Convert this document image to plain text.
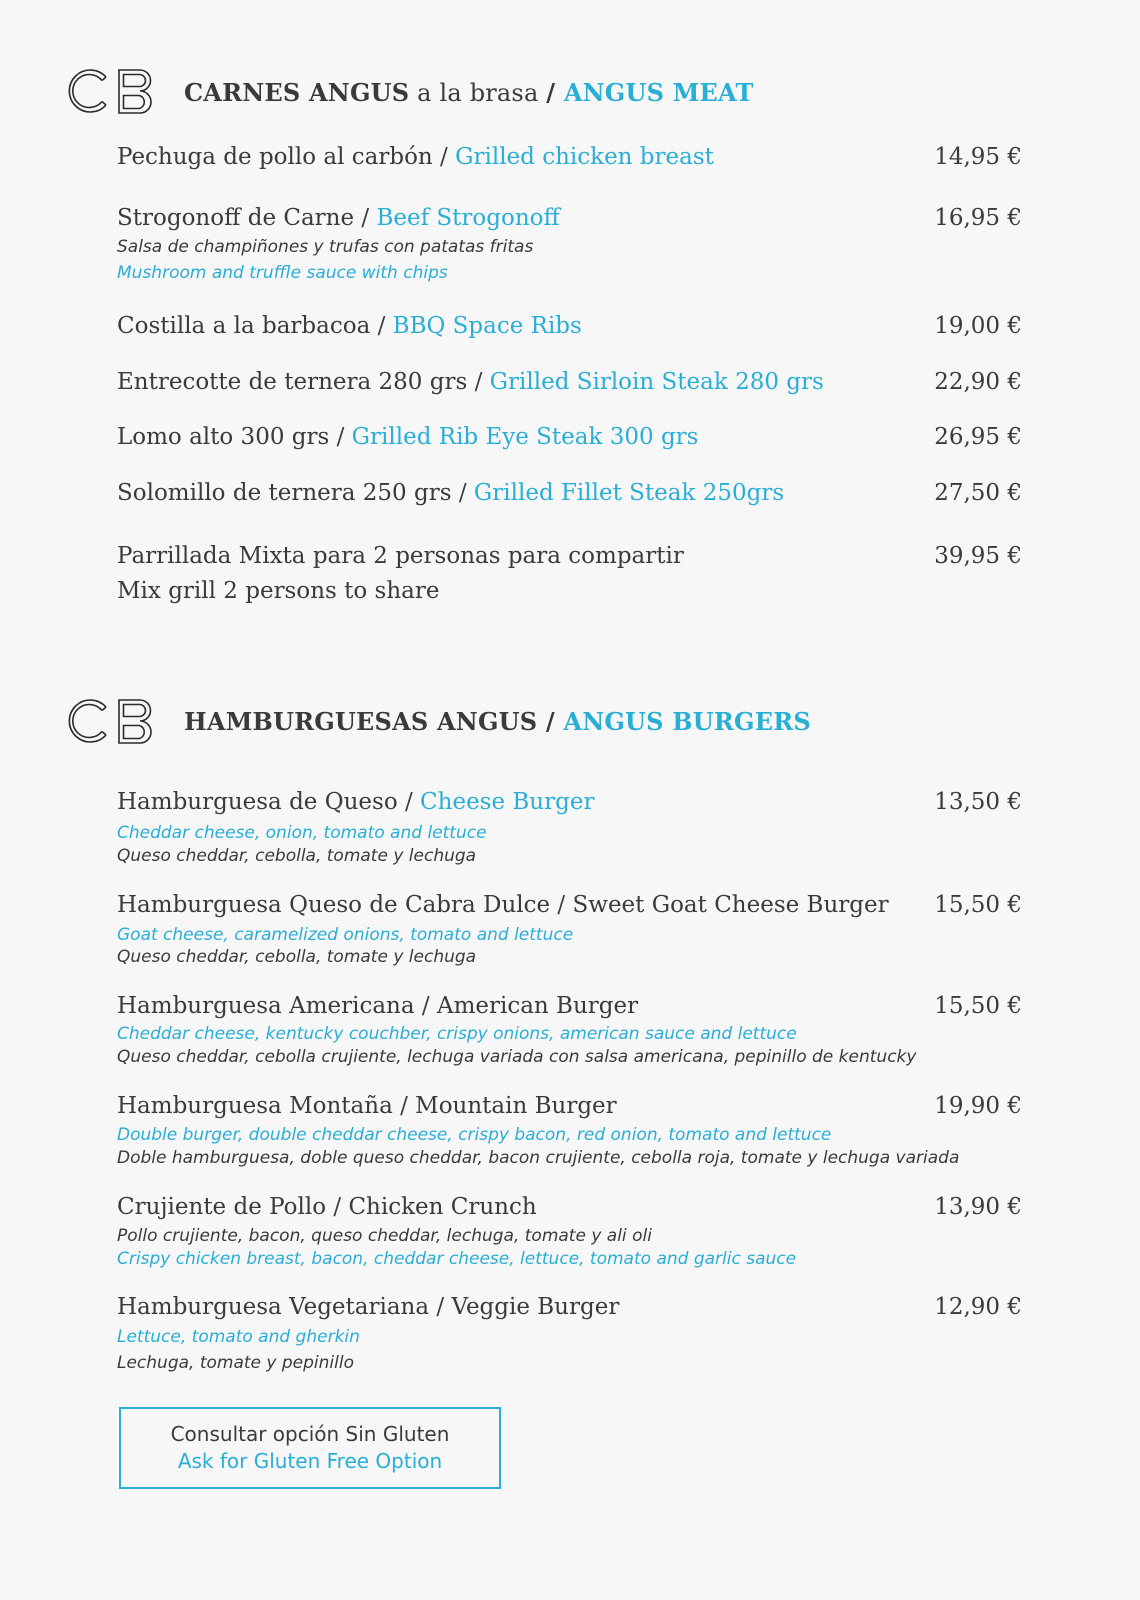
CARNES ANGUS a la brasa / ANGUS MEAT
Pechuga de pollo al carbón / Grilled chicken breast	14,95 €
Strogonoff de Carne / Beef Strogonoff	16,95 €
Salsa de champiñones y trufas con patatas fritas
Mushroom and truffle sauce with chips
Costilla a la barbacoa / BBQ Space Ribs	19,00 €
Entrecotte de ternera 280 grs / Grilled Sirloin Steak 280 grs	22,90 €
Lomo alto 300 grs / Grilled Rib Eye Steak 300 grs	26,95 €
Solomillo de ternera 250 grs / Grilled Fillet Steak 250grs	27,50 €
Parrillada Mixta para 2 personas para compartir	39,95 €
Mix grill 2 persons to share
HAMBURGUESAS ANGUS / ANGUS BURGERS
Hamburguesa de Queso / Cheese Burger	13,50 €
Cheddar cheese, onion, tomato and lettuce
Queso cheddar, cebolla, tomate y lechuga
Hamburguesa Queso de Cabra Dulce / Sweet Goat Cheese Burger 15,50 €
Goat cheese, caramelized onions, tomato and lettuce
Queso cheddar, cebolla, tomate y lechuga
Hamburguesa Americana / American Burger	15,50 €
Cheddar cheese, kentucky couchber, crispy onions, american sauce and lettuce
Queso cheddar, cebolla crujiente, lechuga variada con salsa americana, pepinillo de kentucky
Hamburguesa Montaña / Mountain Burger	19,90 €
Double burger, double cheddar cheese, crispy bacon, red onion, tomato and lettuce
Doble hamburguesa, doble queso cheddar, bacon crujiente, cebolla roja, tomate y lechuga variada
Crujiente de Pollo / Chicken Crunch	13,90 €
Pollo crujiente, bacon, queso cheddar, lechuga, tomate y ali oli
Crispy chicken breast, bacon, cheddar cheese, lettuce, tomato and garlic sauce
Hamburguesa Vegetariana / Veggie Burger	12,90 €
Lettuce, tomato and gherkin
Lechuga, tomate y pepinillo
Consultar opción Sin Gluten
Ask for Gluten Free Option
